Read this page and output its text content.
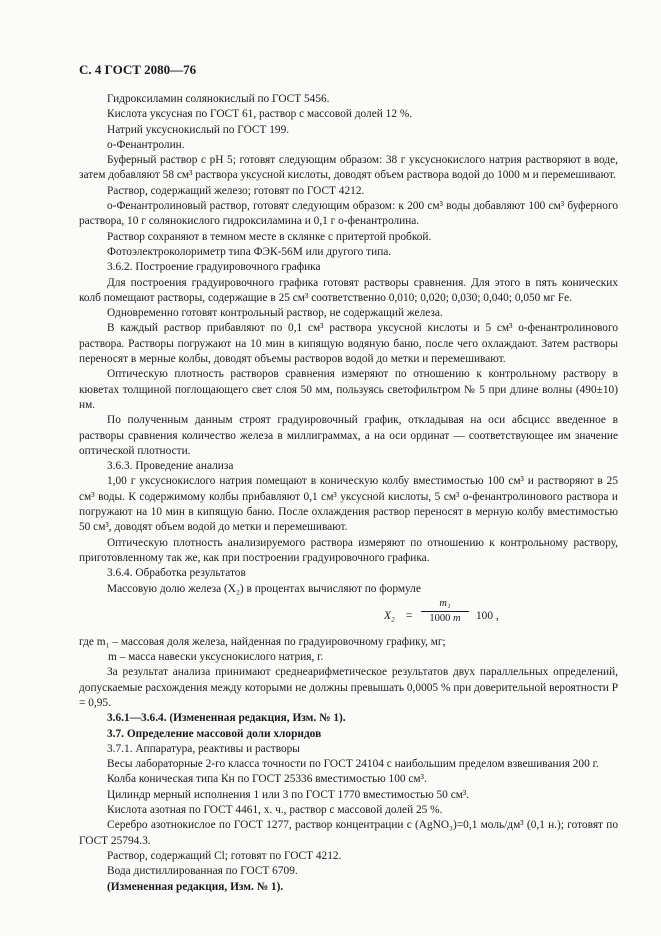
С. 4 ГОСТ 2080—76

Гидроксиламин солянокислый по ГОСТ 5456.

Кислота уксусная по ГОСТ 61, раствор с массовой долей 12 %.

Натрий уксуснокислый по ГОСТ 199.

о-Фенантролин.

Буферный раствор с pH 5; готовят следующим образом: 38 г уксуснокислого натрия растворяют в воде, затем добавляют 58 см³ раствора уксусной кислоты, доводят объем раствора водой до 1000 м и перемешивают.

Раствор, содержащий железо; готовят по ГОСТ 4212.

о-Фенантролиновый раствор, готовят следующим образом: к 200 см³ воды добавляют 100 см³ буферного раствора, 10 г солянокислого гидроксиламина и 0,1 г о-фенантролина.

Раствор сохраняют в темном месте в склянке с притертой пробкой.

Фотоэлектроколориметр типа ФЭК-56М или другого типа.

3.6.2. Построение градуировочного графика

Для построения градуировочного графика готовят растворы сравнения. Для этого в пять конических колб помещают растворы, содержащие в 25 см³ соответственно 0,010; 0,020; 0,030; 0,040; 0,050 мг Fe.

Одновременно готовят контрольный раствор, не содержащий железа.

В каждый раствор прибавляют по 0,1 см³ раствора уксусной кислоты и 5 см³ о-фенантролинового раствора. Растворы погружают на 10 мин в кипящую водяную баню, после чего охлаждают. Затем растворы переносят в мерные колбы, доводят объемы растворов водой до метки и перемешивают.

Оптическую плотность растворов сравнения измеряют по отношению к контрольному раствору в кюветах толщиной поглощающего свет слоя 50 мм, пользуясь светофильтром № 5 при длине волны (490±10) нм.

По полученным данным строят градуировочный график, откладывая на оси абсцисс введенное в растворы сравнения количество железа в миллиграммах, а на оси ординат — соответствующее им значение оптической плотности.

3.6.3. Проведение анализа

1,00 г уксуснокислого натрия помещают в коническую колбу вместимостью 100 см³ и растворяют в 25 см³ воды. К содержимому колбы прибавляют 0,1 см³ уксусной кислоты, 5 см³ о-фенантролинового раствора и погружают на 10 мин в кипящую баню. После охлаждения раствор переносят в мерную колбу вместимостью 50 см³, доводят объем водой до метки и перемешивают.

Оптическую плотность анализируемого раствора измеряют по отношению к контрольному раствору, приготовленному так же, как при построении градуировочного графика.

3.6.4. Обработка результатов

Массовую долю железа (X₂) в процентах вычисляют по формуле

$X_2 = \frac{\text{m₁}}{1000 m} 100$ ,

где m₁ – массовая доля железа, найденная по градуировочному графику, мг;

m – масса навески уксуснокислого натрия, г.

За результат анализа принимают среднеарифметическое результатов двух параллельных определений, допускаемые расхождения между которыми не должны превышать 0,0005 % при доверительной вероятности P = 0,95.

3.6.1—3.6.4. (Измененная редакция, Изм. № 1).

3.7. Определение массовой доли хлоридов

3.7.1. Аппаратура, реактивы и растворы

Весы лабораторные 2-го класса точности по ГОСТ 24104 с наибольшим пределом взвешивания 200 г.

Колба коническая типа Кн по ГОСТ 25336 вместимостью 100 см³.

Цилиндр мерный исполнения 1 или 3 по ГОСТ 1770 вместимостью 50 см³.

Кислота азотная по ГОСТ 4461, х. ч., раствор с массовой долей 25 %.

Серебро азотнокислое по ГОСТ 1277, раствор концентрации c (AgNO₃)=0,1 моль/дм³ (0,1 н.); готовят по ГОСТ 25794.3.

Раствор, содержащий Cl; готовят по ГОСТ 4212.

Вода дистиллированная по ГОСТ 6709.

(Измененная редакция, Изм. № 1).
